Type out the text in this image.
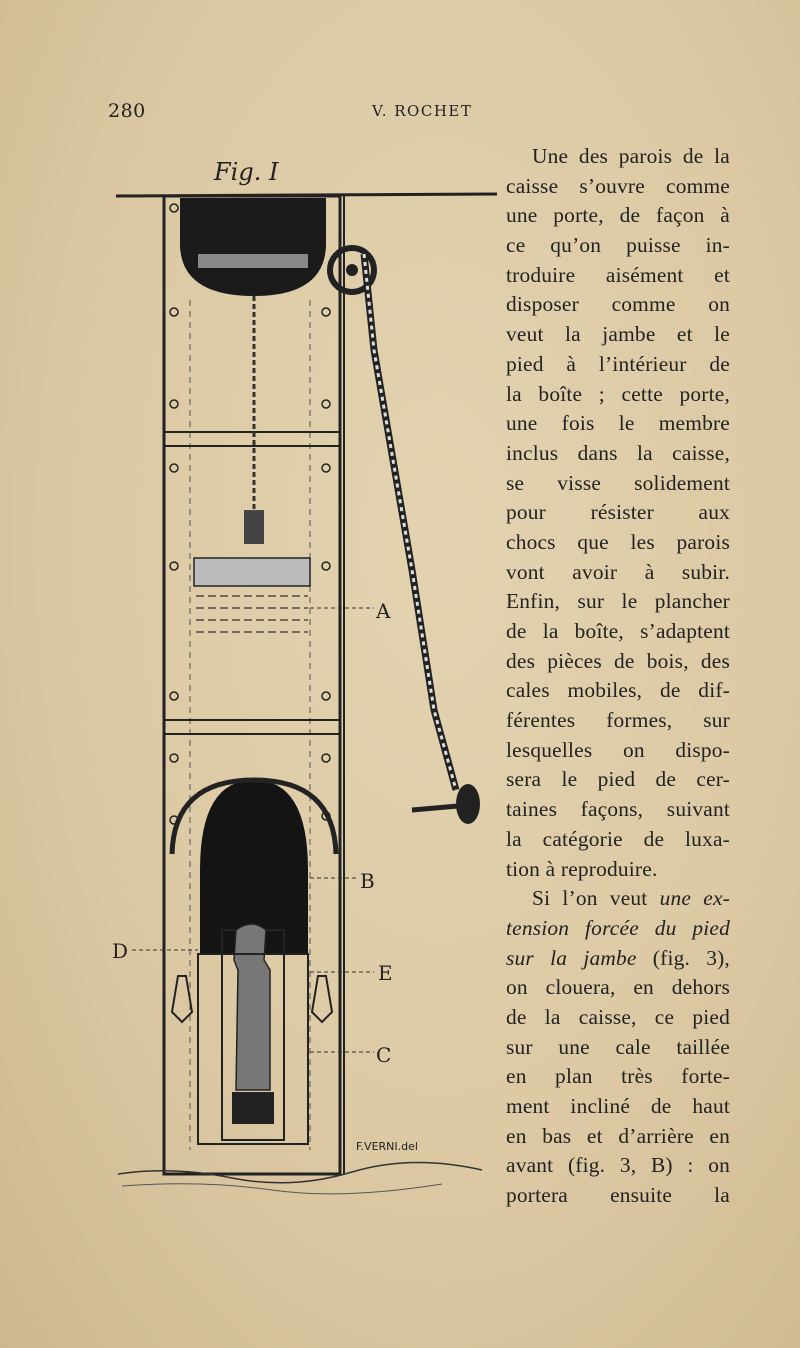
280	V. ROCHET
Fig. I
A
B
C
D
E
F.VERNI.del
Une des parois de la
caisse s’ouvre comme
une porte, de façon à
ce qu’on puisse in-
troduire aisément et
disposer comme on
veut la jambe et le
pied à l’intérieur de
la boîte ; cette porte,
une fois le membre
inclus dans la caisse,
se visse solidement
pour résister aux
chocs que les parois
vont avoir à subir.
Enfin, sur le plancher
de la boîte, s’adaptent
des pièces de bois, des
cales mobiles, de dif-
férentes formes, sur
lesquelles on dispo-
sera le pied de cer-
taines façons, suivant
la catégorie de luxa-
tion à reproduire.
Si l’on veut une ex-
tension forcée du pied
sur la jambe (fig. 3),
on clouera, en dehors
de la caisse, ce pied
sur une cale taillée
en plan très forte-
ment incliné de haut
en bas et d’arrière en
avant (fig. 3, B) : on
portera ensuite la
